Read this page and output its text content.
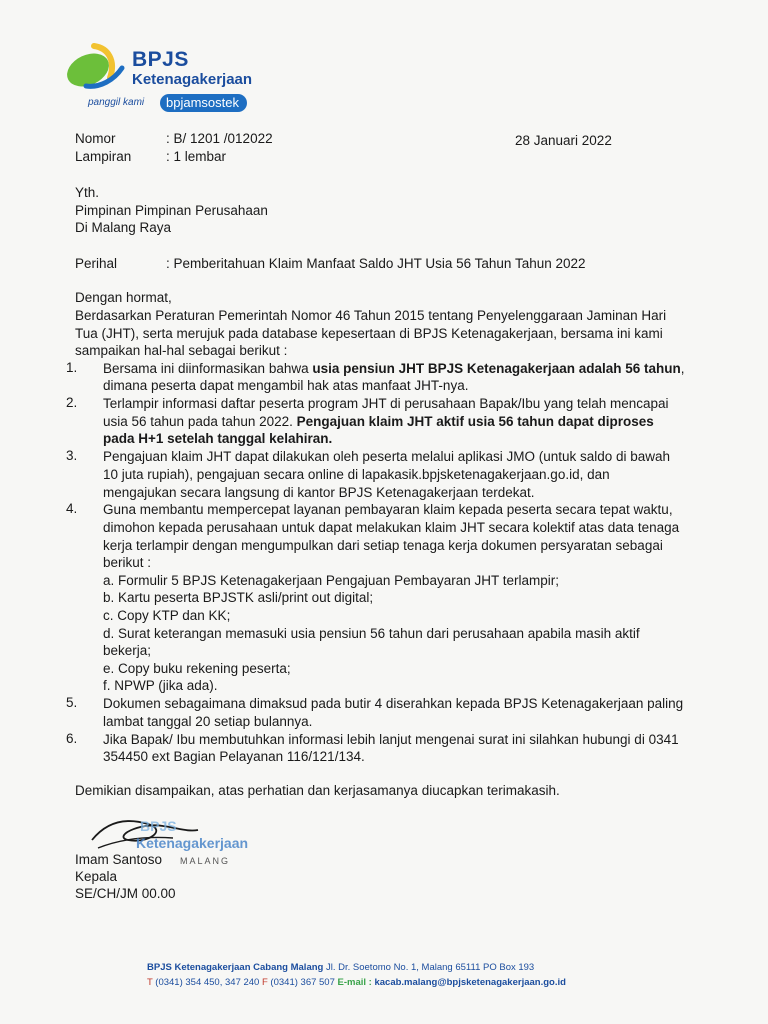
BPJS
Ketenagakerjaan
panggil kami	bpjamsostek
Nomor	: B/ 1201 /012022
Lampiran	: 1 lembar
28 Januari 2022
Yth.
Pimpinan Pimpinan Perusahaan
Di Malang Raya
Perihal	: Pemberitahuan Klaim Manfaat Saldo JHT Usia 56 Tahun Tahun 2022
Dengan hormat,
Berdasarkan Peraturan Pemerintah Nomor 46 Tahun 2015 tentang Penyelenggaraan Jaminan Hari
Tua (JHT), serta merujuk pada database kepesertaan di BPJS Ketenagakerjaan, bersama ini kami
sampaikan hal-hal sebagai berikut :
1. Bersama ini diinformasikan bahwa usia pensiun JHT BPJS Ketenagakerjaan adalah 56 tahun,
dimana peserta dapat mengambil hak atas manfaat JHT-nya.
2. Terlampir informasi daftar peserta program JHT di perusahaan Bapak/Ibu yang telah mencapai
usia 56 tahun pada tahun 2022. Pengajuan klaim JHT aktif usia 56 tahun dapat diproses
pada H+1 setelah tanggal kelahiran.
3. Pengajuan klaim JHT dapat dilakukan oleh peserta melalui aplikasi JMO (untuk saldo di bawah
10 juta rupiah), pengajuan secara online di lapakasik.bpjsketenagakerjaan.go.id, dan
mengajukan secara langsung di kantor BPJS Ketenagakerjaan terdekat.
4. Guna membantu mempercepat layanan pembayaran klaim kepada peserta secara tepat waktu,
dimohon kepada perusahaan untuk dapat melakukan klaim JHT secara kolektif atas data tenaga
kerja terlampir dengan mengumpulkan dari setiap tenaga kerja dokumen persyaratan sebagai
berikut :
a. Formulir 5 BPJS Ketenagakerjaan Pengajuan Pembayaran JHT terlampir;
b. Kartu peserta BPJSTK asli/print out digital;
c. Copy KTP dan KK;
d. Surat keterangan memasuki usia pensiun 56 tahun dari perusahaan apabila masih aktif
bekerja;
e. Copy buku rekening peserta;
f. NPWP (jika ada).
5. Dokumen sebagaimana dimaksud pada butir 4 diserahkan kepada BPJS Ketenagakerjaan paling
lambat tanggal 20 setiap bulannya.
6. Jika Bapak/ Ibu membutuhkan informasi lebih lanjut mengenai surat ini silahkan hubungi di 0341
354450 ext Bagian Pelayanan 116/121/134.
Demikian disampaikan, atas perhatian dan kerjasamanya diucapkan terimakasih.
BPJS
Ketenagakerjaan
MALANG
Imam Santoso
Kepala
SE/CH/JM 00.00
BPJS Ketenagakerjaan Cabang Malang Jl. Dr. Soetomo No. 1, Malang 65111 PO Box 193
T (0341) 354 450, 347 240 F (0341) 367 507 E-mail : kacab.malang@bpjsketenagakerjaan.go.id
